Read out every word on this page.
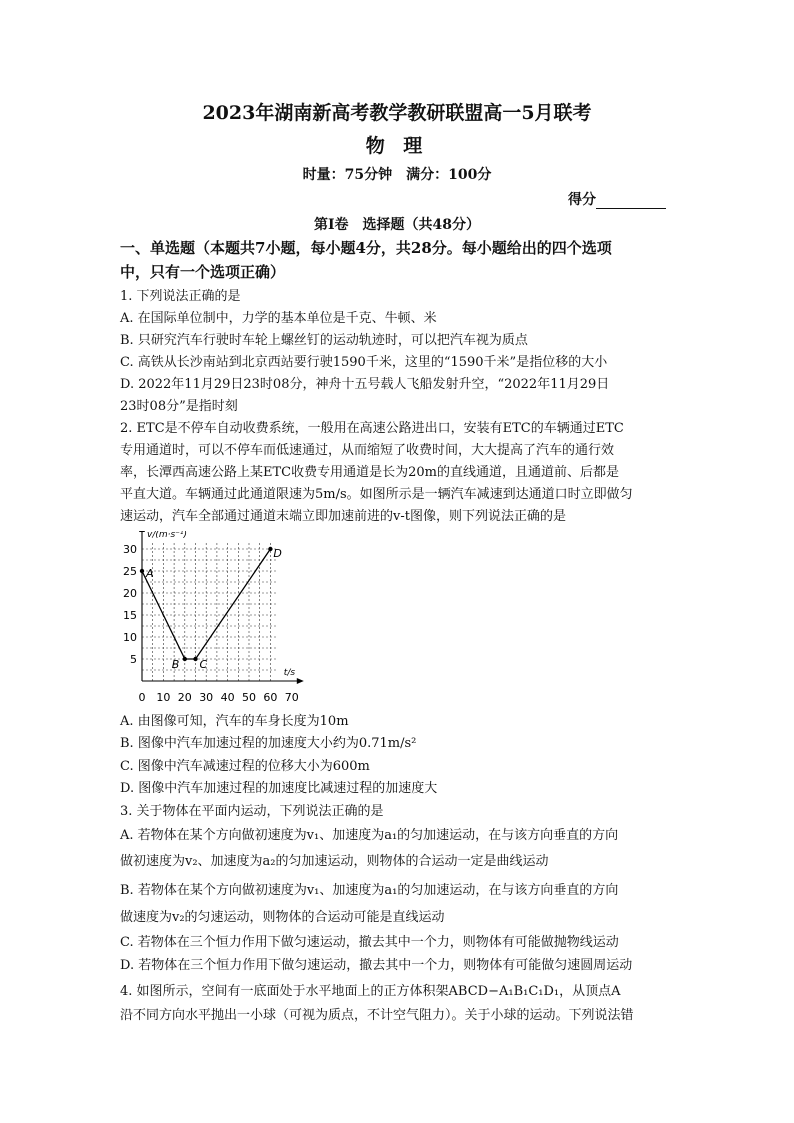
2023年湖南新高考教学教研联盟高一5月联考
物 理
时量：75分钟　满分：100分
得分
第Ⅰ卷　选择题（共48分）
一、单选题（本题共7小题，每小题4分，共28分。每小题给出的四个选项
中，只有一个选项正确）
1. 下列说法正确的是
A. 在国际单位制中，力学的基本单位是千克、牛顿、米
B. 只研究汽车行驶时车轮上螺丝钉的运动轨迹时，可以把汽车视为质点
C. 高铁从长沙南站到北京西站要行驶1590千米，这里的“1590千米”是指位移的大小
D. 2022年11月29日23时08分，神舟十五号载人飞船发射升空，“2022年11月29日
23时08分”是指时刻
2. ETC是不停车自动收费系统，一般用在高速公路进出口，安装有ETC的车辆通过ETC
专用通道时，可以不停车而低速通过，从而缩短了收费时间，大大提高了汽车的通行效
率，长潭西高速公路上某ETC收费专用通道是长为20m的直线通道，且通道前、后都是
平直大道。车辆通过此通道限速为5m/s。如图所示是一辆汽车减速到达通道口时立即做匀
速运动，汽车全部通过通道末端立即加速前进的v-t图像，则下列说法正确的是
5
10
15
20
25
30
0 10 20 30 40 50 60 70
v/(m·s⁻¹)
t/s
A
B C
D
A. 由图像可知，汽车的车身长度为10m
B. 图像中汽车加速过程的加速度大小约为0.71m/s²
C. 图像中汽车减速过程的位移大小为600m
D. 图像中汽车加速过程的加速度比减速过程的加速度大
3. 关于物体在平面内运动，下列说法正确的是
A. 若物体在某个方向做初速度为v₁、加速度为a₁的匀加速运动，在与该方向垂直的方向
做初速度为v₂、加速度为a₂的匀加速运动，则物体的合运动一定是曲线运动
B. 若物体在某个方向做初速度为v₁、加速度为a₁的匀加速运动，在与该方向垂直的方向
做速度为v₂的匀速运动，则物体的合运动可能是直线运动
C. 若物体在三个恒力作用下做匀速运动，撤去其中一个力，则物体有可能做抛物线运动
D. 若物体在三个恒力作用下做匀速运动，撤去其中一个力，则物体有可能做匀速圆周运动
4. 如图所示，空间有一底面处于水平地面上的正方体积架ABCD−A₁B₁C₁D₁，从顶点A
沿不同方向水平抛出一小球（可视为质点，不计空气阻力）。关于小球的运动。下列说法错
